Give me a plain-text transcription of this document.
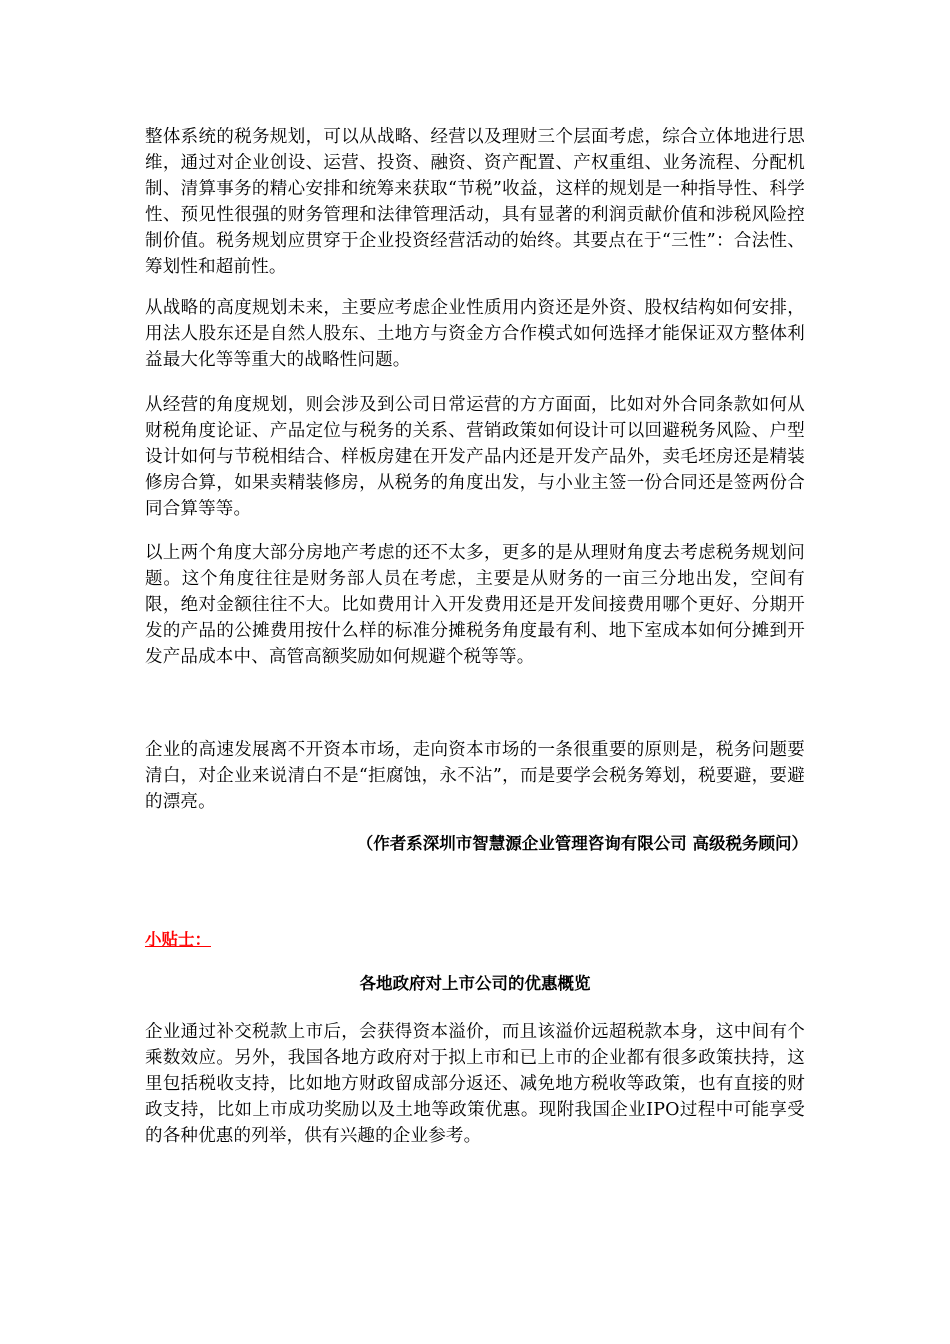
整体系统的税务规划，可以从战略、经营以及理财三个层面考虑，综合立体地进行思维，通过对企业创设、运营、投资、融资、资产配置、产权重组、业务流程、分配机制、清算事务的精心安排和统筹来获取“节税”收益，这样的规划是一种指导性、科学性、预见性很强的财务管理和法律管理活动，具有显著的利润贡献价值和涉税风险控制价值。税务规划应贯穿于企业投资经营活动的始终。其要点在于“三性”：合法性、筹划性和超前性。

从战略的高度规划未来，主要应考虑企业性质用内资还是外资、股权结构如何安排，用法人股东还是自然人股东、土地方与资金方合作模式如何选择才能保证双方整体利益最大化等等重大的战略性问题。

从经营的角度规划，则会涉及到公司日常运营的方方面面，比如对外合同条款如何从财税角度论证、产品定位与税务的关系、营销政策如何设计可以回避税务风险、户型设计如何与节税相结合、样板房建在开发产品内还是开发产品外，卖毛坯房还是精装修房合算，如果卖精装修房，从税务的角度出发，与小业主签一份合同还是签两份合同合算等等。

以上两个角度大部分房地产考虑的还不太多，更多的是从理财角度去考虑税务规划问题。这个角度往往是财务部人员在考虑，主要是从财务的一亩三分地出发，空间有限，绝对金额往往不大。比如费用计入开发费用还是开发间接费用哪个更好、分期开发的产品的公摊费用按什么样的标准分摊税务角度最有利、地下室成本如何分摊到开发产品成本中、高管高额奖励如何规避个税等等。

企业的高速发展离不开资本市场，走向资本市场的一条很重要的原则是，税务问题要清白，对企业来说清白不是“拒腐蚀，永不沾”，而是要学会税务筹划，税要避，要避的漂亮。

（作者系深圳市智慧源企业管理咨询有限公司 高级税务顾问）

小贴士：

各地政府对上市公司的优惠概览

企业通过补交税款上市后，会获得资本溢价，而且该溢价远超税款本身，这中间有个乘数效应。另外，我国各地方政府对于拟上市和已上市的企业都有很多政策扶持，这里包括税收支持，比如地方财政留成部分返还、减免地方税收等政策，也有直接的财政支持，比如上市成功奖励以及土地等政策优惠。现附我国企业IPO过程中可能享受的各种优惠的列举，供有兴趣的企业参考。
